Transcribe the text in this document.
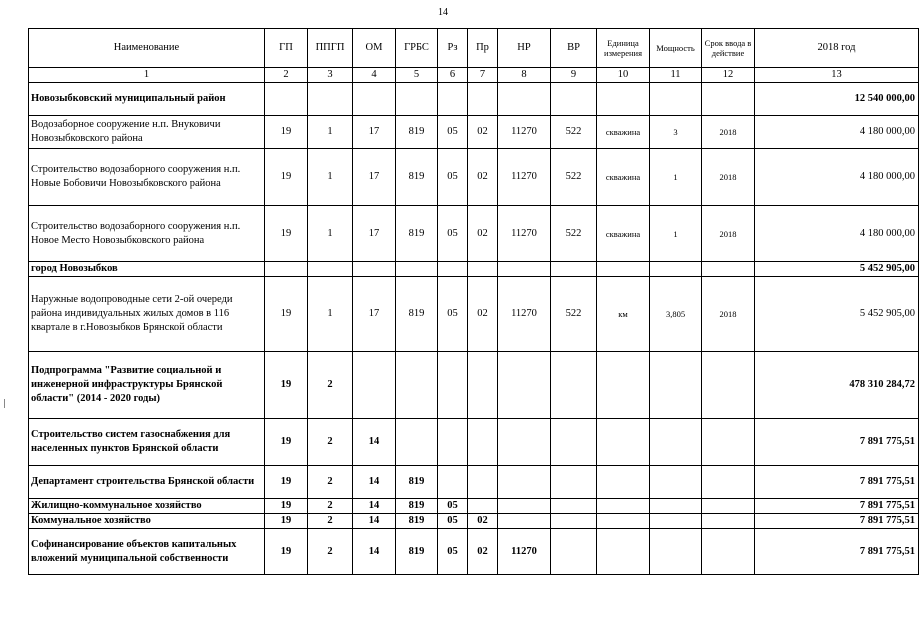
14
Наименование	ГП	ППГП	ОМ	ГРБС	Рз	Пр	НР	ВР	Единица измерения	Мощность	Срок ввода в действие	2018 год
1	2	3	4	5	6	7	8	9	10	11	12	13
Новозыбковский муниципальный район												12 540 000,00
Водозаборное сооружение н.п. Внуковичи Новозыбковского района	19	1	17	819	05	02	11270	522	скважина	3	2018	4 180 000,00
Строительство водозаборного сооружения н.п. Новые Бобовичи Новозыбковского района	19	1	17	819	05	02	11270	522	скважина	1	2018	4 180 000,00
Строительство водозаборного сооружения н.п. Новое Место Новозыбковского района	19	1	17	819	05	02	11270	522	скважина	1	2018	4 180 000,00
город Новозыбков												5 452 905,00
Наружные водопроводные сети 2-ой очереди района индивидуальных жилых домов в 116 квартале в г.Новозыбков Брянской области	19	1	17	819	05	02	11270	522	км	3,805	2018	5 452 905,00
Подпрограмма "Развитие социальной и инженерной инфраструктуры Брянской области" (2014 - 2020 годы)	19	2										478 310 284,72
Строительство систем газоснабжения для населенных пунктов Брянской области	19	2	14									7 891 775,51
Департамент строительства Брянской области	19	2	14	819								7 891 775,51
Жилищно-коммунальное хозяйство	19	2	14	819	05							7 891 775,51
Коммунальное хозяйство	19	2	14	819	05	02						7 891 775,51
Софинансирование объектов капитальных вложений муниципальной собственности	19	2	14	819	05	02	11270					7 891 775,51
